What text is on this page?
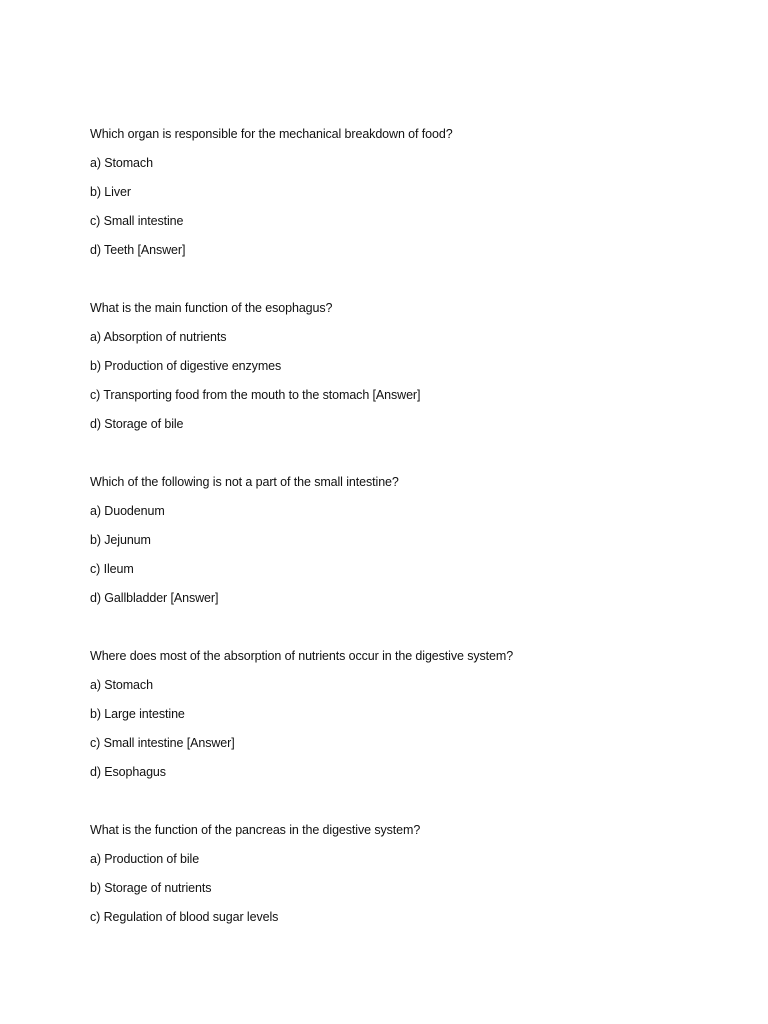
Which organ is responsible for the mechanical breakdown of food?
a) Stomach
b) Liver
c) Small intestine
d) Teeth [Answer]
What is the main function of the esophagus?
a) Absorption of nutrients
b) Production of digestive enzymes
c) Transporting food from the mouth to the stomach [Answer]
d) Storage of bile
Which of the following is not a part of the small intestine?
a) Duodenum
b) Jejunum
c) Ileum
d) Gallbladder [Answer]
Where does most of the absorption of nutrients occur in the digestive system?
a) Stomach
b) Large intestine
c) Small intestine [Answer]
d) Esophagus
What is the function of the pancreas in the digestive system?
a) Production of bile
b) Storage of nutrients
c) Regulation of blood sugar levels
